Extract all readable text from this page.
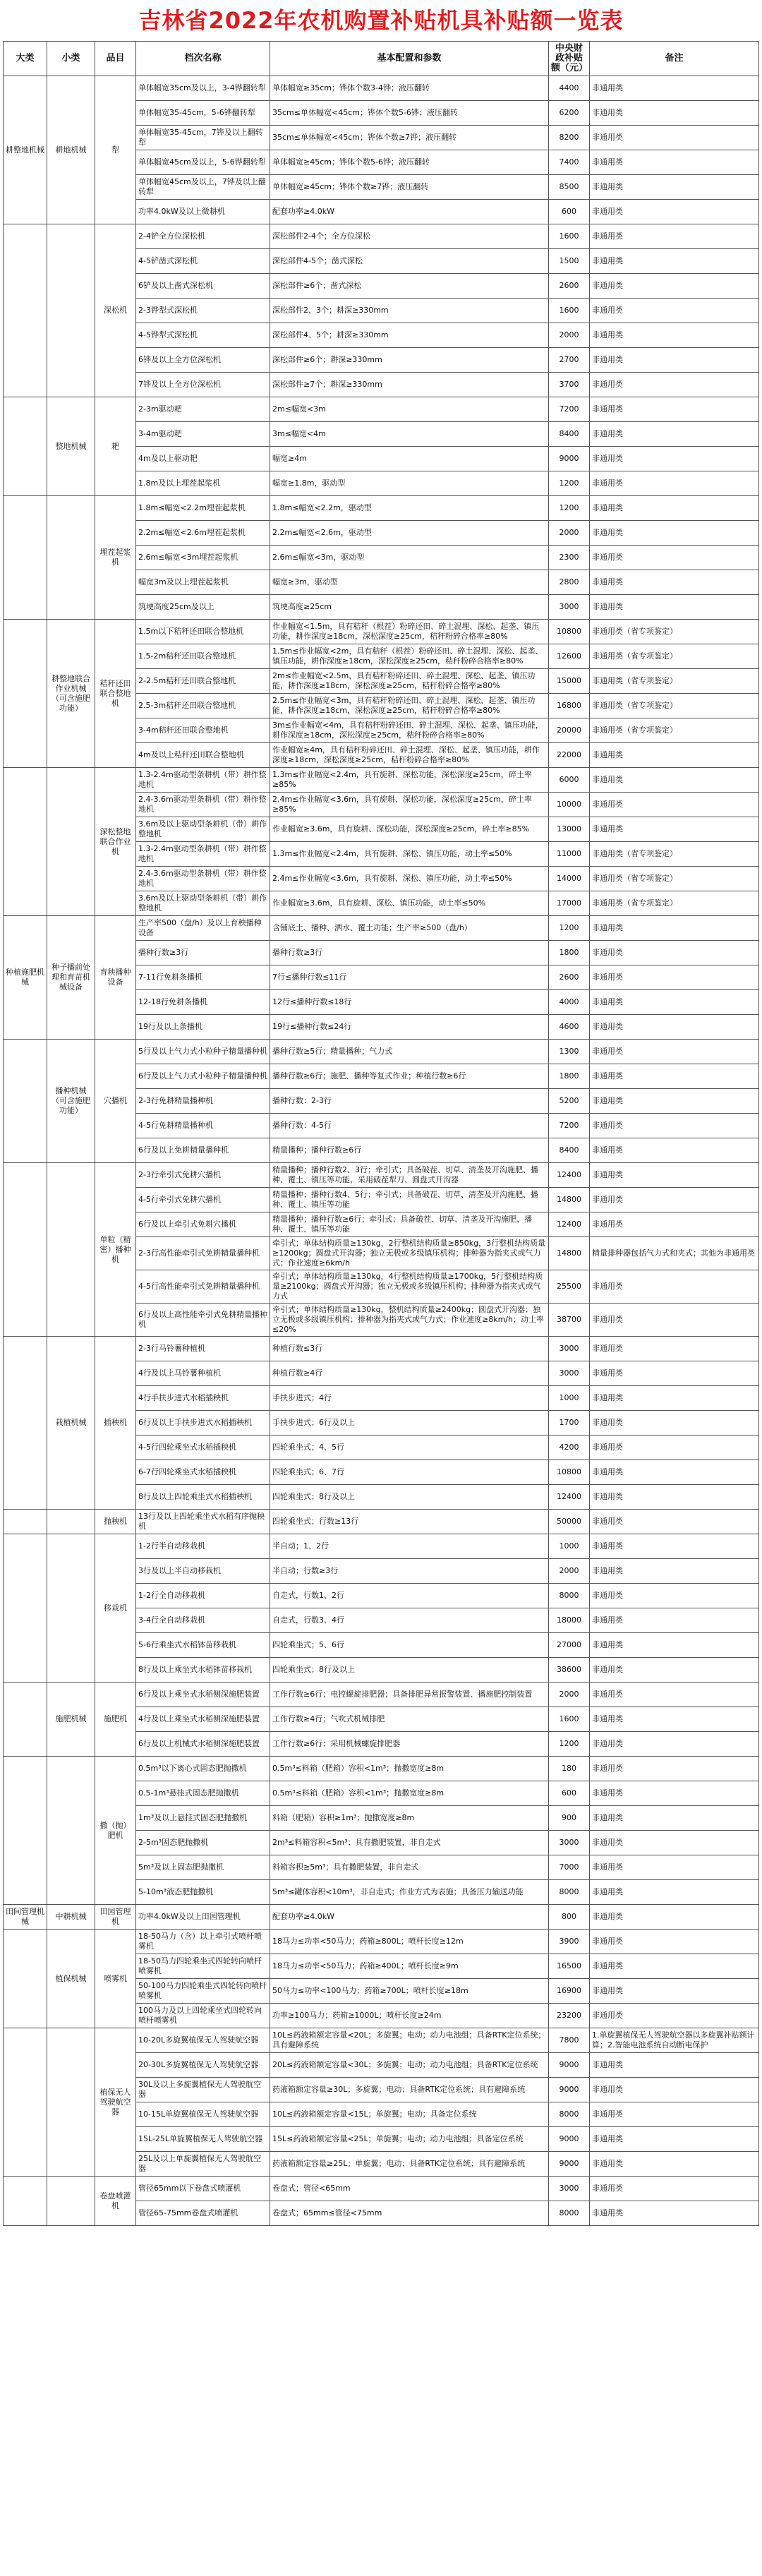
吉林省2022年农机购置补贴机具补贴额一览表
大类	小类	品目	档次名称	基本配置和参数	中央财政补贴额（元）	备注
耕整地机械	耕地机械	犁	单体幅宽35cm及以上，3-4铧翻转犁	单体幅宽≥35cm；铧体个数3-4铧；液压翻转	4400	非通用类
			单体幅宽35-45cm，5-6铧翻转犁	35cm≤单体幅宽<45cm；铧体个数5-6铧；液压翻转	6200	非通用类
			单体幅宽35-45cm，7铧及以上翻转犁	35cm≤单体幅宽<45cm；铧体个数≥7铧；液压翻转	8200	非通用类
			单体幅宽45cm及以上，5-6铧翻转犁	单体幅宽≥45cm；铧体个数5-6铧；液压翻转	7400	非通用类
			单体幅宽45cm及以上，7铧及以上翻转犁	单体幅宽≥45cm；铧体个数≥7铧；液压翻转	8500	非通用类
			功率4.0kW及以上微耕机	配套功率≥4.0kW	600	非通用类
		深松机	2-4铲全方位深松机	深松部件2-4个；全方位深松	1600	非通用类
			4-5铲凿式深松机	深松部件4-5个；凿式深松	1500	非通用类
			6铲及以上凿式深松机	深松部件≥6个；凿式深松	2600	非通用类
			2-3铧犁式深松机	深松部件2、3个；耕深≥330mm	1600	非通用类
			4-5铧犁式深松机	深松部件4、5个；耕深≥330mm	2000	非通用类
			6铧及以上全方位深松机	深松部件≥6个；耕深≥330mm	2700	非通用类
			7铧及以上全方位深松机	深松部件≥7个；耕深≥330mm	3700	非通用类
	整地机械	耙	2-3m驱动耙	2m≤幅宽<3m	7200	非通用类
			3-4m驱动耙	3m≤幅宽<4m	8400	非通用类
			4m及以上驱动耙	幅宽≥4m	9000	非通用类
			1.8m及以上埋茬起浆机	幅宽≥1.8m，驱动型	1200	非通用类
		埋茬起浆机	1.8m≤幅宽<2.2m埋茬起浆机	1.8m≤幅宽<2.2m，驱动型	1200	非通用类
			2.2m≤幅宽<2.6m埋茬起浆机	2.2m≤幅宽<2.6m，驱动型	2000	非通用类
			2.6m≤幅宽<3m埋茬起浆机	2.6m≤幅宽<3m，驱动型	2300	非通用类
			幅宽3m及以上埋茬起浆机	幅宽≥3m，驱动型	2800	非通用类
			筑埂高度25cm及以上	筑埂高度≥25cm	3000	非通用类
	耕整地联合作业机械（可含施肥功能）	秸秆还田联合整地机	1.5m以下秸秆还田联合整地机	作业幅宽<1.5m，具有秸秆（根茬）粉碎还田、碎土混埋、深松、起垄、镇压功能，耕作深度≥18cm，深松深度≥25cm，秸秆粉碎合格率≥80%	10800	非通用类（省专项鉴定）
			1.5-2m秸秆还田联合整地机	1.5m≤作业幅宽<2m，具有秸秆（根茬）粉碎还田、碎土混埋、深松、起垄、镇压功能，耕作深度≥18cm，深松深度≥25cm，秸秆粉碎合格率≥80%	12600	非通用类（省专项鉴定）
			2-2.5m秸秆还田联合整地机	2m≤作业幅宽<2.5m，具有秸秆粉碎还田、碎土混埋、深松、起垄、镇压功能，耕作深度≥18cm，深松深度≥25cm，秸秆粉碎合格率≥80%	15000	非通用类（省专项鉴定）
			2.5-3m秸秆还田联合整地机	2.5m≤作业幅宽<3m，具有秸秆粉碎还田、碎土混埋、深松、起垄、镇压功能，耕作深度≥18cm，深松深度≥25cm，秸秆粉碎合格率≥80%	16800	非通用类（省专项鉴定）
			3-4m秸秆还田联合整地机	3m≤作业幅宽<4m，具有秸秆粉碎还田、碎土混埋、深松、起垄、镇压功能，耕作深度≥18cm，深松深度≥25cm，秸秆粉碎合格率≥80%	20000	非通用类（省专项鉴定）
			4m及以上秸秆还田联合整地机	作业幅宽≥4m，具有秸秆粉碎还田、碎土混埋、深松、起垄、镇压功能，耕作深度≥18cm，深松深度≥25cm，秸秆粉碎合格率≥80%	22000	非通用类
		深松整地联合作业机	1.3-2.4m驱动型条耕机（带）耕作整地机	1.3m≤作业幅宽<2.4m，具有旋耕、深松功能，深松深度≥25cm，碎土率≥85%	6000	非通用类
			2.4-3.6m驱动型条耕机（带）耕作整地机	2.4m≤作业幅宽<3.6m，具有旋耕、深松功能，深松深度≥25cm，碎土率≥85%	10000	非通用类
			3.6m及以上驱动型条耕机（带）耕作整地机	作业幅宽≥3.6m，具有旋耕、深松功能，深松深度≥25cm，碎土率≥85%	13000	非通用类
			1.3-2.4m驱动型条耕机（带）耕作整地机	1.3m≤作业幅宽<2.4m，具有旋耕、深松、镇压功能，动土率≤50%	11000	非通用类（省专项鉴定）
			2.4-3.6m驱动型条耕机（带）耕作整地机	2.4m≤作业幅宽<3.6m，具有旋耕、深松、镇压功能，动土率≤50%	14000	非通用类（省专项鉴定）
			3.6m及以上驱动型条耕机（带）耕作整地机	作业幅宽≥3.6m，具有旋耕、深松、镇压功能，动土率≤50%	17000	非通用类（省专项鉴定）
种植施肥机械	种子播前处理和育苗机械设备	育秧播种设备	生产率500（盘/h）及以上育秧播种设备	含铺底土、播种、洒水、覆土功能；生产率≥500（盘/h）	1200	非通用类
			播种行数≥3行	播种行数≥3行	1800	非通用类
			7-11行免耕条播机	7行≤播种行数≤11行	2600	非通用类
			12-18行免耕条播机	12行≤播种行数≤18行	4000	非通用类
			19行及以上条播机	19行≤播种行数≤24行	4600	非通用类
	播种机械（可含施肥功能）	穴播机	5行及以上气力式小粒种子精量播种机	播种行数≥5行；精量播种；气力式	1300	非通用类
			6行及以上气力式小粒种子精量播种机	播种行数≥6行；施肥、播种等复式作业；种植行数≥6行	1800	非通用类
			2-3行免耕精量播种机	播种行数：2-3行	5200	非通用类
			4-5行免耕精量播种机	播种行数：4-5行	7200	非通用类
			6行及以上免耕精量播种机	精量播种；播种行数≥6行	8400	非通用类
		单粒（精密）播种机	2-3行牵引式免耕穴播机	精量播种；播种行数2、3行；牵引式；具备破茬、切草、清垄及开沟施肥、播种、覆土、镇压等功能，采用破茬犁刀、圆盘式开沟器	12400	非通用类
			4-5行牵引式免耕穴播机	精量播种；播种行数4、5行；牵引式；具备破茬、切草、清垄及开沟施肥、播种、覆土、镇压等功能	14800	非通用类
			6行及以上牵引式免耕穴播机	精量播种；播种行数≥6行；牵引式；具备破茬、切草、清垄及开沟施肥、播种、覆土、镇压等功能	12400	非通用类
			2-3行高性能牵引式免耕精量播种机	牵引式；单体结构质量≥130kg，2行整机结构质量≥850kg，3行整机结构质量≥1200kg；圆盘式开沟器；独立无极或多级镇压机构；排种器为指夹式或气力式；作业速度≥6km/h	14800	精量排种器包括气力式和夹式；其他为非通用类
			4-5行高性能牵引式免耕精量播种机	牵引式；单体结构质量≥130kg，4行整机结构质量≥1700kg，5行整机结构质量≥2100kg；圆盘式开沟器；独立无极或多级镇压机构；排种器为指夹式或气力式	25500	非通用类
			6行及以上高性能牵引式免耕精量播种机	牵引式；单体结构质量≥130kg，整机结构质量≥2400kg；圆盘式开沟器；独立无极或多级镇压机构；排种器为指夹式或气力式；作业速度≥8km/h；动土率≤20%	38700	非通用类
	栽植机械	插秧机	2-3行马铃薯种植机	种植行数≤3行	3000	非通用类
			4行及以上马铃薯种植机	种植行数≥4行	3000	非通用类
			4行手扶步进式水稻插秧机	手扶步进式；4行	1000	非通用类
			6行及以上手扶步进式水稻插秧机	手扶步进式；6行及以上	1700	非通用类
			4-5行四轮乘坐式水稻插秧机	四轮乘坐式；4、5行	4200	非通用类
			6-7行四轮乘坐式水稻插秧机	四轮乘坐式；6、7行	10800	非通用类
			8行及以上四轮乘坐式水稻插秧机	四轮乘坐式；8行及以上	12400	非通用类
		抛秧机	13行及以上四轮乘坐式水稻有序抛秧机	四轮乘坐式；行数≥13行	50000	非通用类
		移栽机	1-2行半自动移栽机	半自动；1、2行	1000	非通用类
			3行及以上半自动移栽机	半自动；行数≥3行	2000	非通用类
			1-2行全自动移栽机	自走式，行数1、2行	8000	非通用类
			3-4行全自动移栽机	自走式，行数3、4行	18000	非通用类
			5-6行乘坐式水稻钵苗移栽机	四轮乘坐式；5、6行	27000	非通用类
			8行及以上乘坐式水稻钵苗移栽机	四轮乘坐式；8行及以上	38600	非通用类
	施肥机械	施肥机	6行及以上乘坐式水稻侧深施肥装置	工作行数≥6行；电控螺旋排肥器；具备排肥异常报警装置、播施肥控制装置	2000	非通用类
			4行及以上乘坐式水稻侧深施肥装置	工作行数≥4行；气吹式机械排肥	1600	非通用类
			6行及以上机械式水稻侧深施肥装置	工作行数≥6行；采用机械螺旋排肥器	1200	非通用类
		撒（抛）肥机	0.5m³以下离心式固态肥抛撒机	0.5m³≤料箱（肥箱）容积<1m³；抛撒宽度≥8m	180	非通用类
			0.5-1m³悬挂式固态肥抛撒机	0.5m³≤料箱（肥箱）容积<1m³；抛撒宽度≥8m	600	非通用类
			1m³及以上悬挂式固态肥抛撒机	料箱（肥箱）容积≥1m³；抛撒宽度≥8m	900	非通用类
			2-5m³固态肥抛撒机	2m³≤料箱容积<5m³；具有撒肥装置，非自走式	3000	非通用类
			5m³及以上固态肥抛撒机	料箱容积≥5m³；具有撒肥装置，非自走式	7000	非通用类
			5-10m³液态肥抛撒机	5m³≤罐体容积<10m³，非自走式；作业方式为表施；具备压力输送功能	8000	非通用类
田间管理机械	中耕机械	田园管理机	功率4.0kW及以上田园管理机	配套功率≥4.0kW	800	非通用类
	植保机械	喷雾机	18-50马力（含）以上牵引式喷杆喷雾机	18马力≤功率<50马力；药箱≥800L；喷杆长度≥12m	3900	非通用类
			18-50马力四轮乘坐式四轮转向喷杆喷雾机	18马力≤功率<50马力；药箱≥400L；喷杆长度≥9m	16500	非通用类
			50-100马力四轮乘坐式四轮转向喷杆喷雾机	50马力≤功率<100马力；药箱≥700L；喷杆长度≥18m	16900	非通用类
			100马力及以上四轮乘坐式四轮转向喷杆喷雾机	功率≥100马力；药箱≥1000L；喷杆长度≥24m	23200	非通用类
		植保无人驾驶航空器	10-20L多旋翼植保无人驾驶航空器	10L≤药液箱额定容量<20L；多旋翼；电动；动力电池组；具备RTK定位系统；具有避障系统	7800	1.单旋翼植保无人驾驶航空器以多旋翼补贴额计算；2.智能电池系统自动断电保护
			20-30L多旋翼植保无人驾驶航空器	20L≤药液箱额定容量<30L；多旋翼；电动；动力电池组；具备RTK定位系统	9000	非通用类
			30L及以上多旋翼植保无人驾驶航空器	药液箱额定容量≥30L；多旋翼；电动；具备RTK定位系统；具有避障系统	9000	非通用类
			10-15L单旋翼植保无人驾驶航空器	10L≤药液箱额定容量<15L；单旋翼；电动；具备定位系统	8000	非通用类
			15L-25L单旋翼植保无人驾驶航空器	15L≤药液箱额定容量<25L；单旋翼；电动；动力电池组；具备定位系统	9000	非通用类
			25L及以上单旋翼植保无人驾驶航空器	药液箱额定容量≥25L；单旋翼；电动；具备RTK定位系统；具有避障系统	9000	非通用类
		卷盘喷灌机	管径65mm以下卷盘式喷灌机	卷盘式；管径<65mm	3000	非通用类
			管径65-75mm卷盘式喷灌机	卷盘式；65mm≤管径<75mm	8000	非通用类
